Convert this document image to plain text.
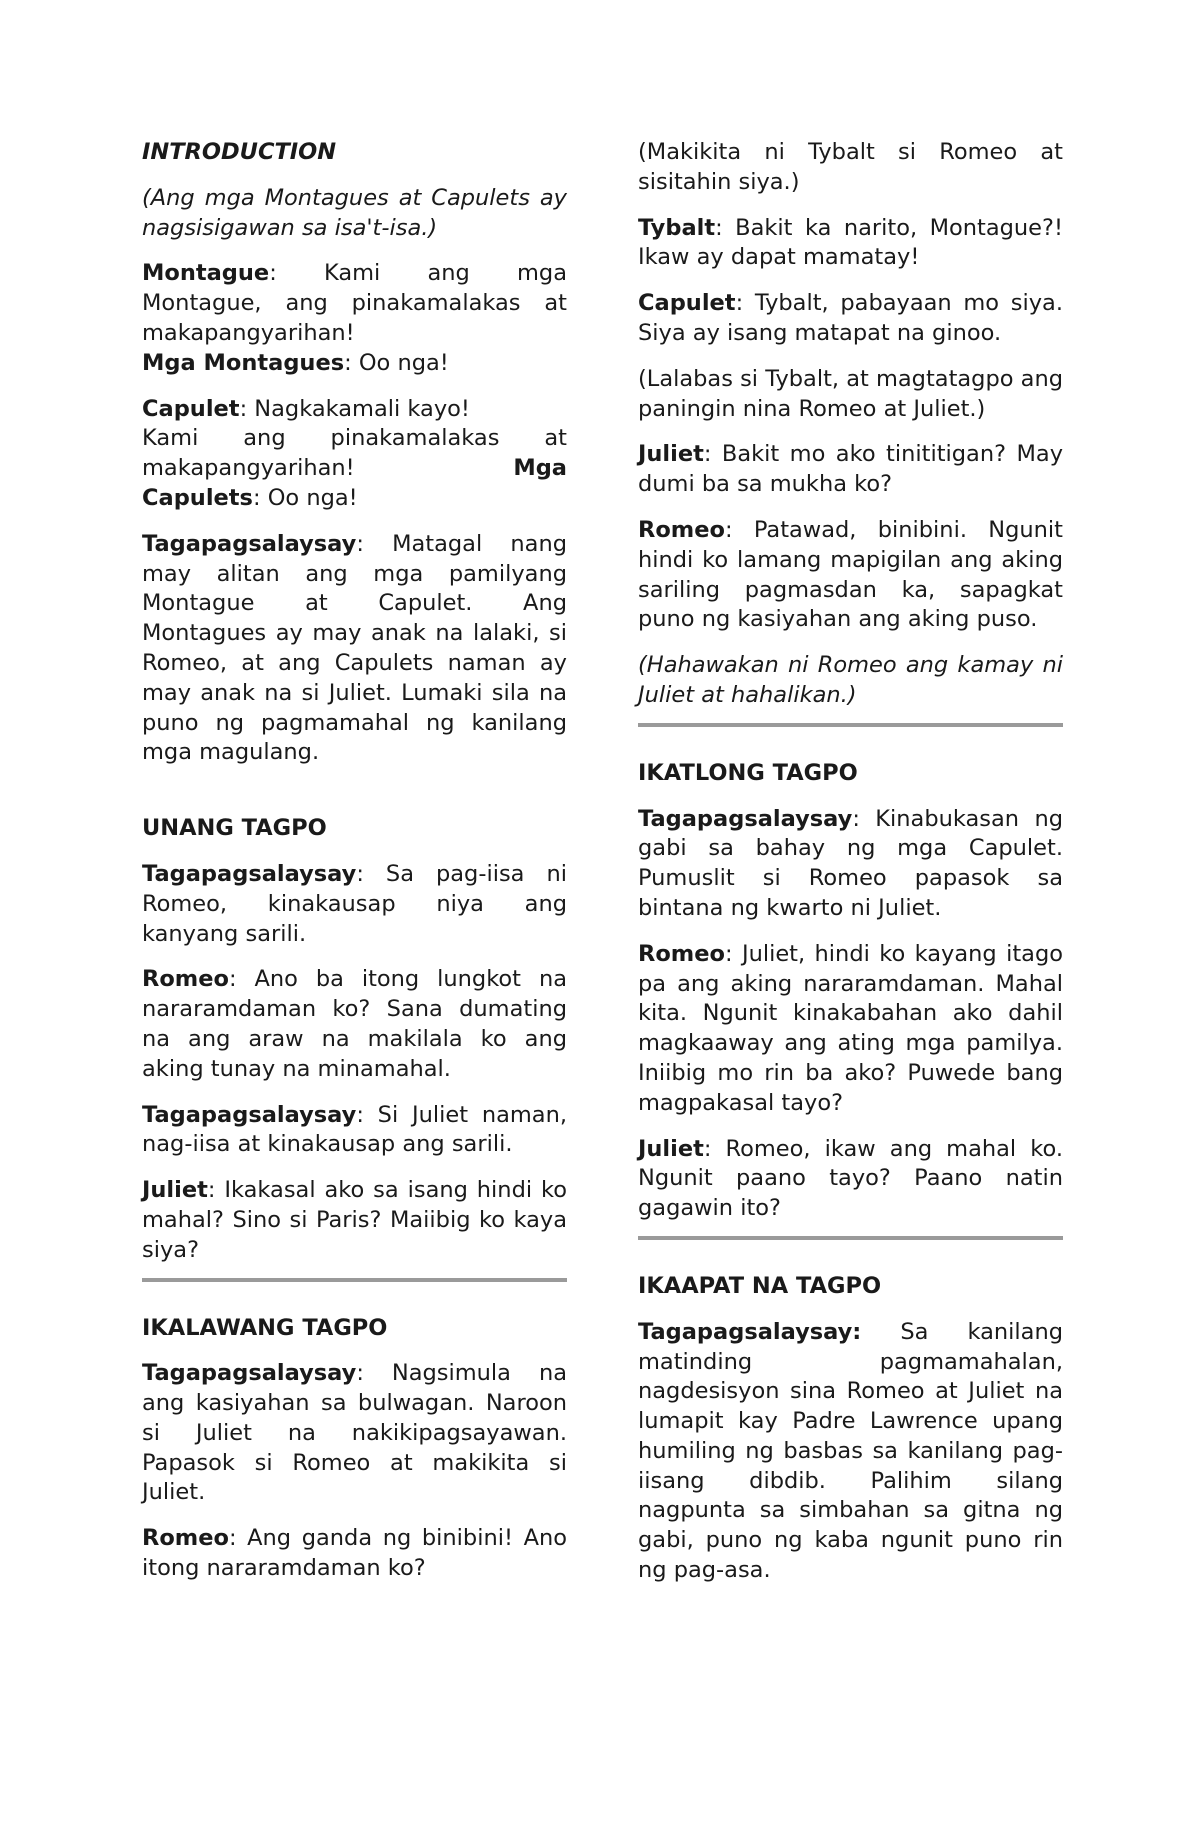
INTRODUCTION

(Ang mga Montagues at Capulets ay nagsisigawan sa isa't-isa.)

Montague: Kami ang mga Montague, ang pinakamalakas at makapangyarihan!

Mga Montagues: Oo nga!

Capulet: Nagkakamali kayo!

Kami ang pinakamalakas at makapangyarihan!	Mga

Capulets: Oo nga!

Tagapagsalaysay: Matagal nang may alitan ang mga pamilyang Montague at Capulet. Ang Montagues ay may anak na lalaki, si Romeo, at ang Capulets naman ay may anak na si Juliet. Lumaki sila na puno ng pagmamahal ng kanilang mga magulang.

UNANG TAGPO

Tagapagsalaysay: Sa pag-iisa ni Romeo, kinakausap niya ang kanyang sarili.

Romeo: Ano ba itong lungkot na nararamdaman ko? Sana dumating na ang araw na makilala ko ang aking tunay na minamahal.

Tagapagsalaysay: Si Juliet naman, nag-iisa at kinakausap ang sarili.

Juliet: Ikakasal ako sa isang hindi ko mahal? Sino si Paris? Maiibig ko kaya siya?

IKALAWANG TAGPO

Tagapagsalaysay: Nagsimula na ang kasiyahan sa bulwagan. Naroon si Juliet na nakikipagsayawan. Papasok si Romeo at makikita si Juliet.

Romeo: Ang ganda ng binibini! Ano itong nararamdaman ko?

(Makikita ni Tybalt si Romeo at sisitahin siya.)

Tybalt: Bakit ka narito, Montague?! Ikaw ay dapat mamatay!

Capulet: Tybalt, pabayaan mo siya. Siya ay isang matapat na ginoo.

(Lalabas si Tybalt, at magtatagpo ang paningin nina Romeo at Juliet.)

Juliet: Bakit mo ako tinititigan? May dumi ba sa mukha ko?

Romeo: Patawad, binibini. Ngunit hindi ko lamang mapigilan ang aking sariling pagmasdan ka, sapagkat puno ng kasiyahan ang aking puso.

(Hahawakan ni Romeo ang kamay ni Juliet at hahalikan.)

IKATLONG TAGPO

Tagapagsalaysay: Kinabukasan ng gabi sa bahay ng mga Capulet. Pumuslit si Romeo papasok sa bintana ng kwarto ni Juliet.

Romeo: Juliet, hindi ko kayang itago pa ang aking nararamdaman. Mahal kita. Ngunit kinakabahan ako dahil magkaaway ang ating mga pamilya. Iniibig mo rin ba ako? Puwede bang magpakasal tayo?

Juliet: Romeo, ikaw ang mahal ko. Ngunit paano tayo? Paano natin gagawin ito?

IKAAPAT NA TAGPO

Tagapagsalaysay: Sa kanilang matinding pagmamahalan, nagdesisyon sina Romeo at Juliet na lumapit kay Padre Lawrence upang humiling ng basbas sa kanilang pag-iisang dibdib. Palihim silang nagpunta sa simbahan sa gitna ng gabi, puno ng kaba ngunit puno rin ng pag-asa.
